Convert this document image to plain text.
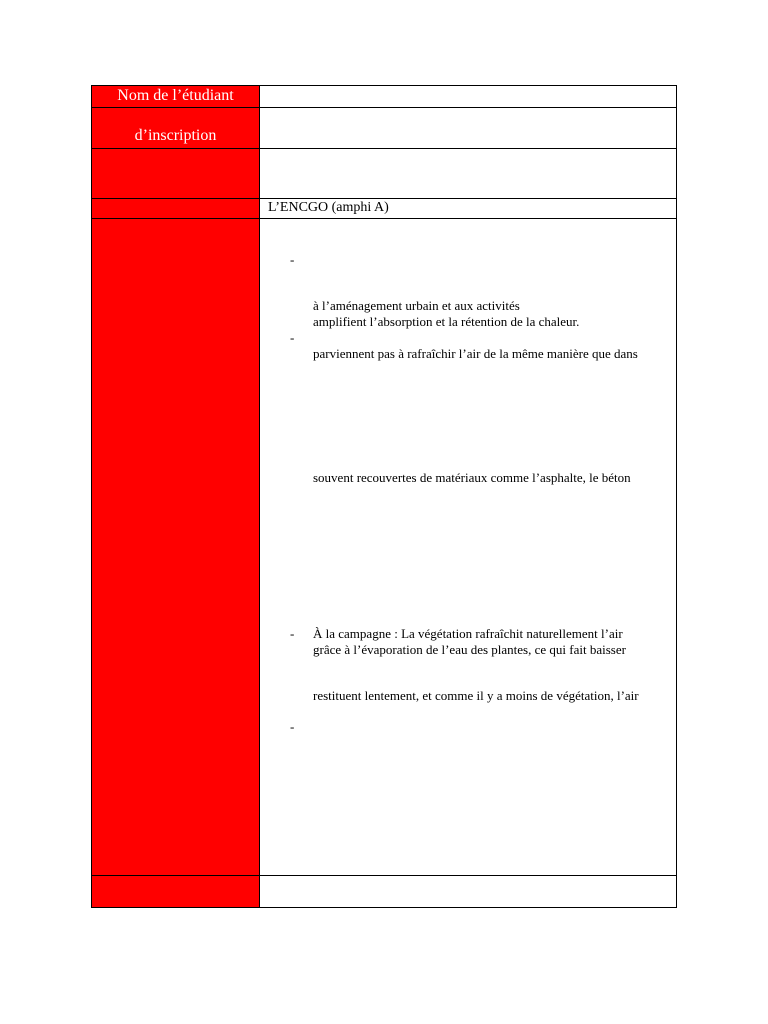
Nom de l’étudiant
d’inscription
L’ENCGO (amphi A)
-
à l’aménagement urbain et aux activités
amplifient l’absorption et la rétention de la chaleur.
-
parviennent pas à rafraîchir l’air de la même manière que dans
souvent recouvertes de matériaux comme l’asphalte, le béton
- À la campagne : La végétation rafraîchit naturellement l’air
grâce à l’évaporation de l’eau des plantes, ce qui fait baisser
restituent lentement, et comme il y a moins de végétation, l’air
-
